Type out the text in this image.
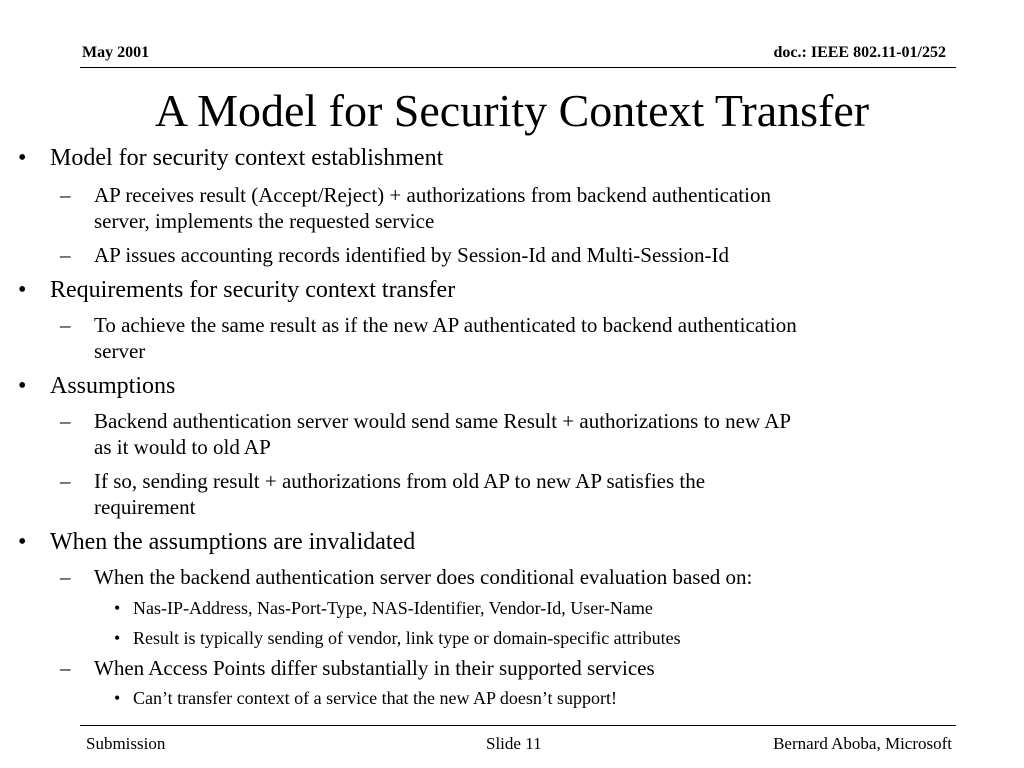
May 2001	doc.: IEEE 802.11-01/252
A Model for Security Context Transfer
• Model for security context establishment
– AP receives result (Accept/Reject) + authorizations from backend authentication
server, implements the requested service
– AP issues accounting records identified by Session-Id and Multi-Session-Id
• Requirements for security context transfer
– To achieve the same result as if the new AP authenticated to backend authentication
server
• Assumptions
– Backend authentication server would send same Result + authorizations to new AP
as it would to old AP
– If so, sending result + authorizations from old AP to new AP satisfies the
requirement
• When the assumptions are invalidated
– When the backend authentication server does conditional evaluation based on:
• Nas-IP-Address, Nas-Port-Type, NAS-Identifier, Vendor-Id, User-Name
• Result is typically sending of vendor, link type or domain-specific attributes
– When Access Points differ substantially in their supported services
• Can’t transfer context of a service that the new AP doesn’t support!
Submission	Slide 11	Bernard Aboba, Microsoft
